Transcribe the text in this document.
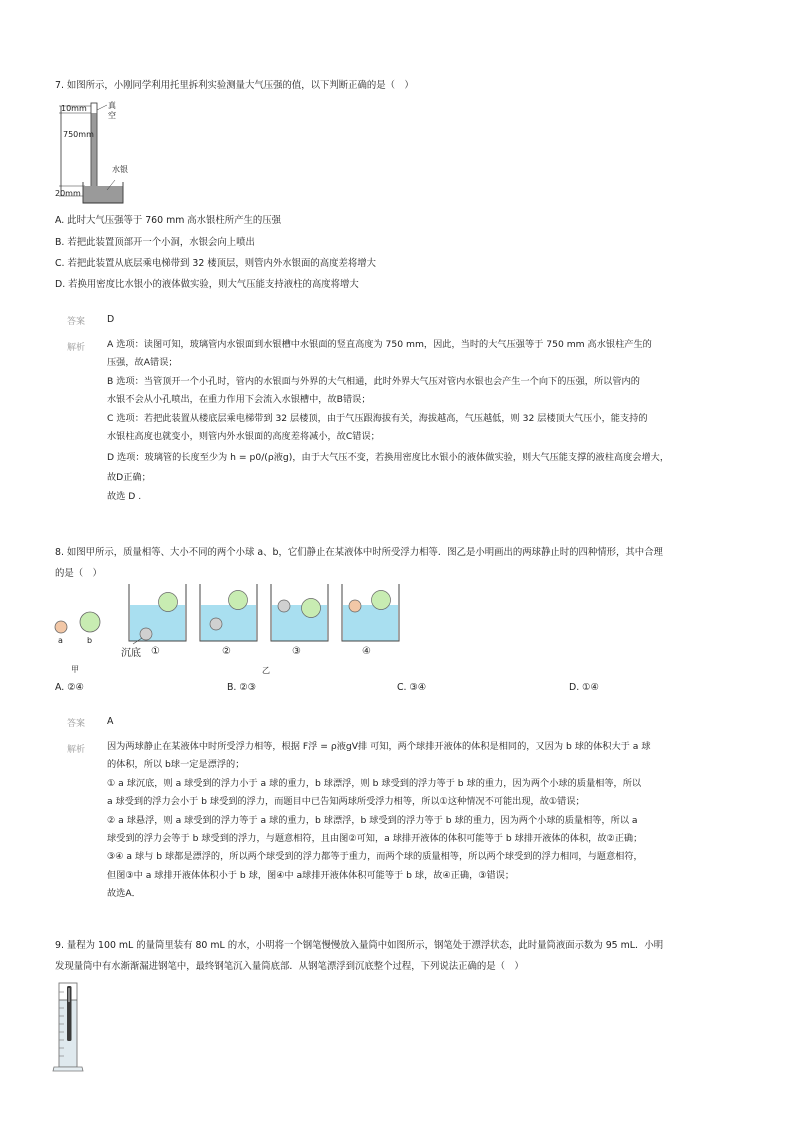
7. 如图所示，小刚同学利用托里拆利实验测量大气压强的值，以下判断正确的是（　）
10mm
750mm
20mm
真
空
水银
A. 此时大气压强等于 760 mm 高水银柱所产生的压强
B. 若把此装置顶部开一个小洞，水银会向上喷出
C. 若把此装置从底层乘电梯带到 32 楼顶层，则管内外水银面的高度差将增大
D. 若换用密度比水银小的液体做实验，则大气压能支持液柱的高度将增大
答案 D
解析 A 选项：读图可知，玻璃管内水银面到水银槽中水银面的竖直高度为 750 mm，因此，当时的大气压强等于 750 mm 高水银柱产生的
压强，故A错误；
B 选项：当管顶开一个小孔时，管内的水银面与外界的大气相通，此时外界大气压对管内水银也会产生一个向下的压强，所以管内的
水银不会从小孔喷出，在重力作用下会流入水银槽中，故B错误；
C 选项：若把此装置从楼底层乘电梯带到 32 层楼顶，由于气压跟海拔有关，海拔越高，气压越低，则 32 层楼顶大气压小，能支持的
水银柱高度也就变小，则管内外水银面的高度差将减小，故C错误；
D 选项：玻璃管的长度至少为 h = p0/(ρ液g)，由于大气压不变，若换用密度比水银小的液体做实验，则大气压能支撑的液柱高度会增大，
故D正确；
故选 D .
8. 如图甲所示，质量相等、大小不同的两个小球 a、b，它们静止在某液体中时所受浮力相等．图乙是小明画出的两球静止时的四种情形，其中合理
的是（　）
a	b
甲
沉底 ①	②	③	④
乙
A. ②④	B. ②③	C. ③④	D. ①④
答案 A
解析 因为两球静止在某液体中时所受浮力相等，根据 F浮 = ρ液gV排 可知，两个球排开液体的体积是相同的，又因为 b 球的体积大于 a 球
的体积，所以 b球一定是漂浮的；
① a 球沉底，则 a 球受到的浮力小于 a 球的重力，b 球漂浮，则 b 球受到的浮力等于 b 球的重力，因为两个小球的质量相等，所以
a 球受到的浮力会小于 b 球受到的浮力，而题目中已告知两球所受浮力相等，所以①这种情况不可能出现，故①错误；
② a 球悬浮，则 a 球受到的浮力等于 a 球的重力，b 球漂浮，b 球受到的浮力等于 b 球的重力，因为两个小球的质量相等，所以 a
球受到的浮力会等于 b 球受到的浮力，与题意相符，且由图②可知，a 球排开液体的体积可能等于 b 球排开液体的体积，故②正确；
③④ a 球与 b 球都是漂浮的，所以两个球受到的浮力都等于重力，而两个球的质量相等，所以两个球受到的浮力相同，与题意相符，
但图③中 a 球排开液体体积小于 b 球，图④中 a球排开液体体积可能等于 b 球，故④正确，③错误；
故选A．
9. 量程为 100 mL 的量筒里装有 80 mL 的水，小明将一个钢笔慢慢放入量筒中如图所示，钢笔处于漂浮状态，此时量筒液面示数为 95 mL．小明
发现量筒中有水渐渐漏进钢笔中，最终钢笔沉入量筒底部．从钢笔漂浮到沉底整个过程，下列说法正确的是（　）
